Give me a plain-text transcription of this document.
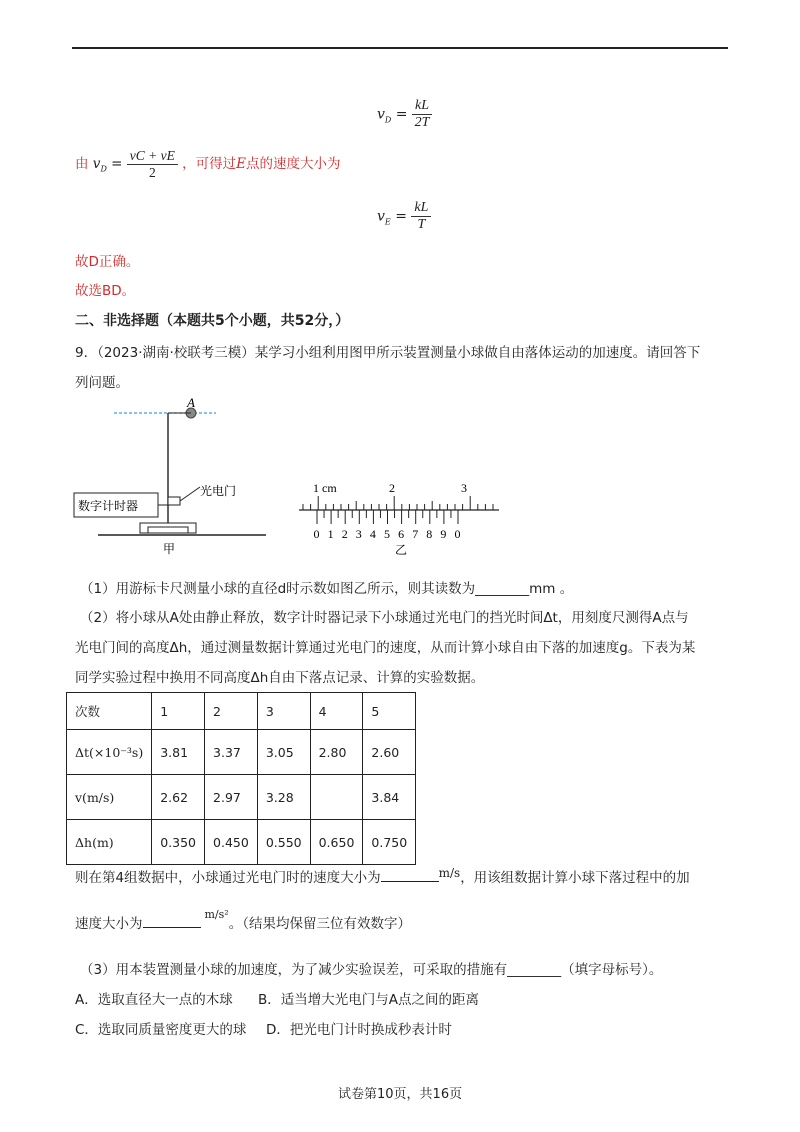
$v_D = \frac{kL}{2T}$
由 $v_D = \frac{vC + vE}{2}$ ，可得过E点的速度大小为
$v_E = \frac{kL}{T}$
故D正确。
故选BD。
二、非选择题（本题共5个小题，共52分，）
9．（2023·湖南·校联考三模）某学习小组利用图甲所示装置测量小球做自由落体运动的加速度。请回答下
列问题。
A
光电门
数字计时器
甲
1 cm	2	3
0 1 2 3 4 5 6 7 8 9 0
乙
（1）用游标卡尺测量小球的直径d时示数如图乙所示，则其读数为________mm 。
（2）将小球从A处由静止释放，数字计时器记录下小球通过光电门的挡光时间Δt，用刻度尺测得A点与
光电门间的高度Δh，通过测量数据计算通过光电门的速度，从而计算小球自由下落的加速度g。下表为某
同学实验过程中换用不同高度Δh自由下落点记录、计算的实验数据。
次数	1	2	3	4	5
Δt(×10⁻³s)	3.81	3.37	3.05	2.80	2.60
v(m/s)	2.62	2.97	3.28		3.84
Δh(m)	0.350	0.450	0.550	0.650	0.750
则在第4组数据中，小球通过光电门时的速度大小为	m/s，用该组数据计算小球下落过程中的加
速度大小为$^{m/s^2}$。（结果均保留三位有效数字）
（3）用本装置测量小球的加速度，为了减少实验误差，可采取的措施有________（填字母标号）。
A．选取直径大一点的木球 B．适当增大光电门与A点之间的距离
C．选取同质量密度更大的球 D．把光电门计时换成秒表计时
试卷第10页，共16页
